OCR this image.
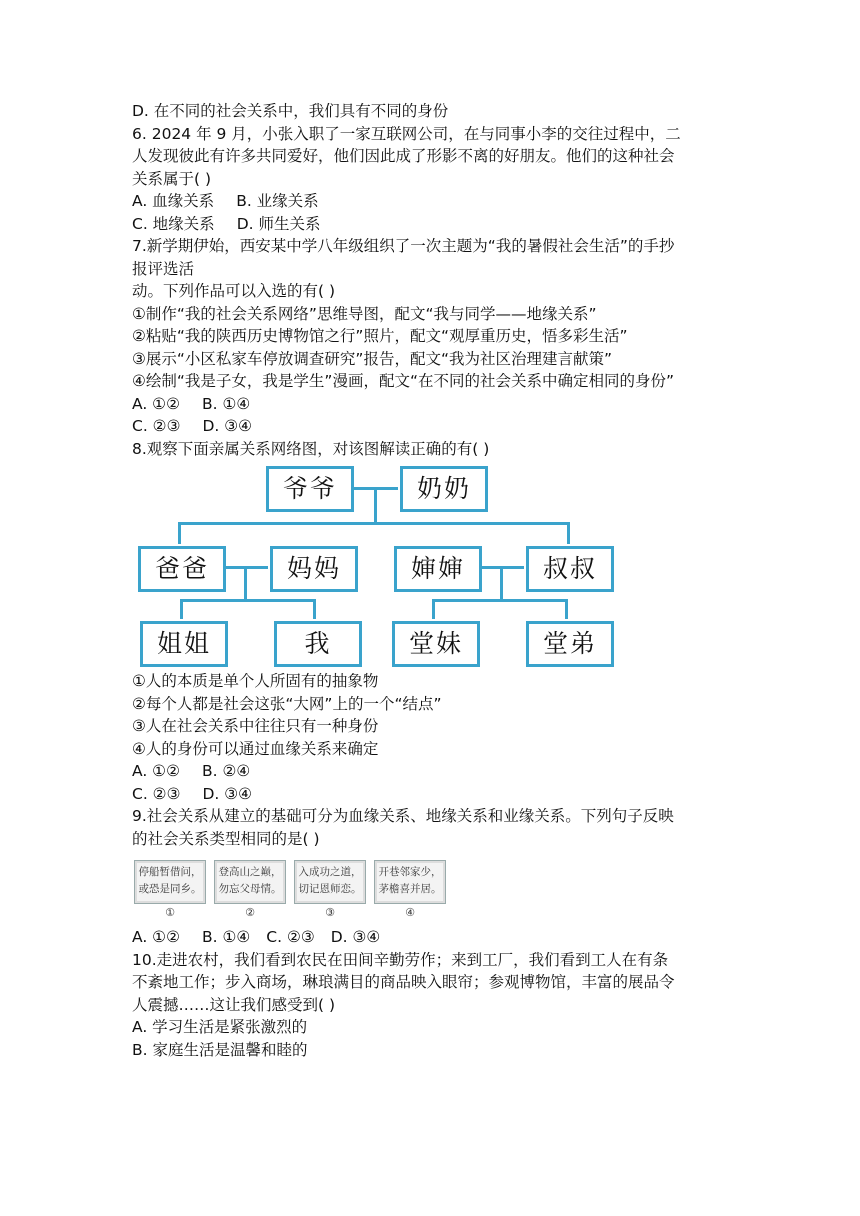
D. 在不同的社会关系中，我们具有不同的身份
6. 2024 年 9 月，小张入职了一家互联网公司，在与同事小李的交往过程中，二
人发现彼此有许多共同爱好，他们因此成了形影不离的好朋友。他们的这种社会
关系属于( )
A. 血缘关系 B. 业缘关系
C. 地缘关系 D. 师生关系
7.新学期伊始，西安某中学八年级组织了一次主题为“我的暑假社会生活”的手抄
报评选活
动。下列作品可以入选的有( )
①制作“我的社会关系网络”思维导图，配文“我与同学——地缘关系”
②粘贴“我的陕西历史博物馆之行”照片，配文“观厚重历史，悟多彩生活”
③展示“小区私家车停放调查研究”报告，配文“我为社区治理建言献策”
④绘制“我是子女，我是学生”漫画，配文“在不同的社会关系中确定相同的身份”
A. ①② B. ①④
C. ②③ D. ③④
8.观察下面亲属关系网络图，对该图解读正确的有( )
爷爷	奶奶
爸爸	妈妈	婶婶	叔叔
姐姐	我	堂妹	堂弟
①人的本质是单个人所固有的抽象物
②每个人都是社会这张“大网”上的一个“结点”
③人在社会关系中往往只有一种身份
④人的身份可以通过血缘关系来确定
A. ①② B. ②④
C. ②③ D. ③④
9.社会关系从建立的基础可分为血缘关系、地缘关系和业缘关系。下列句子反映
的社会关系类型相同的是( )
停船暂借问，
或恐是同乡。
①
登高山之巅，
勿忘父母情。
②
入成功之道，
切记恩师恋。
③
开巷邻家少，
茅檐喜并居。
④
A. ①② B. ①④ C. ②③ D. ③④
10.走进农村，我们看到农民在田间辛勤劳作；来到工厂，我们看到工人在有条
不紊地工作；步入商场，琳琅满目的商品映入眼帘；参观博物馆，丰富的展品令
人震撼……这让我们感受到( )
A. 学习生活是紧张激烈的
B. 家庭生活是温馨和睦的
